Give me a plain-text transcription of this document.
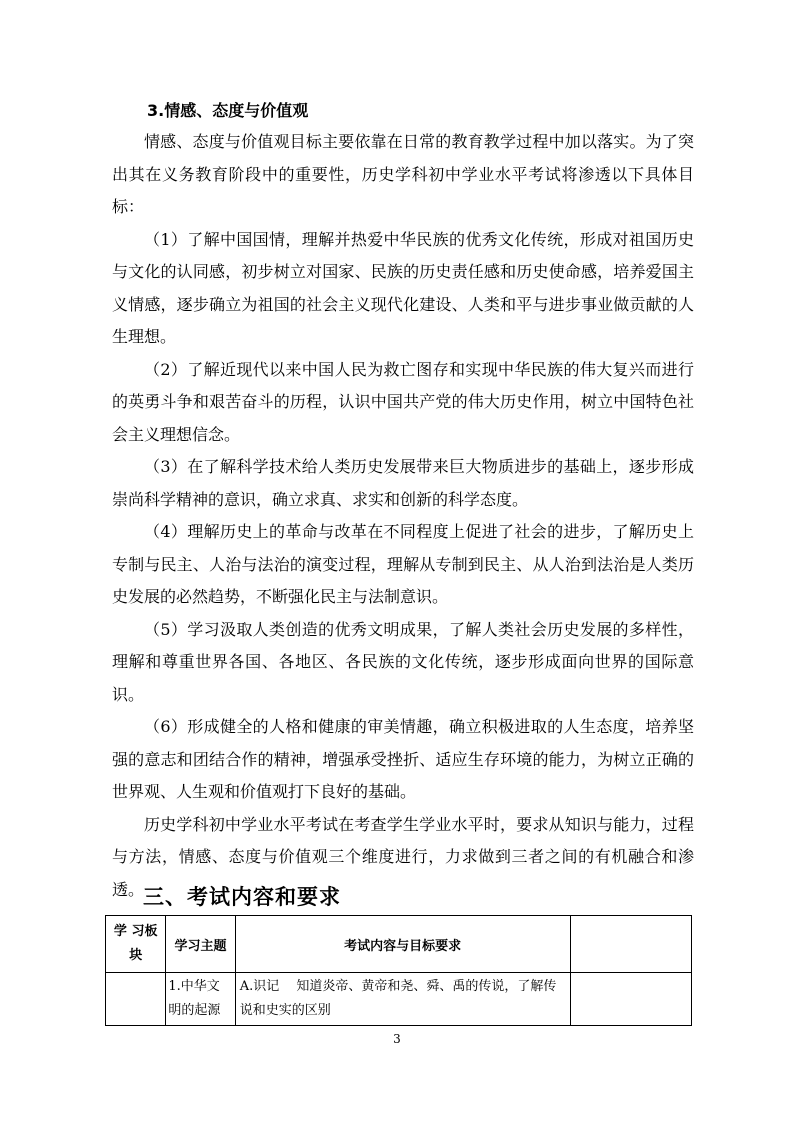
3.情感、态度与价值观

情感、态度与价值观目标主要依靠在日常的教育教学过程中加以落实。为了突出其在义务教育阶段中的重要性，历史学科初中学业水平考试将渗透以下具体目标：

（1）了解中国国情，理解并热爱中华民族的优秀文化传统，形成对祖国历史与文化的认同感，初步树立对国家、民族的历史责任感和历史使命感，培养爱国主义情感，逐步确立为祖国的社会主义现代化建设、人类和平与进步事业做贡献的人生理想。

（2）了解近现代以来中国人民为救亡图存和实现中华民族的伟大复兴而进行的英勇斗争和艰苦奋斗的历程，认识中国共产党的伟大历史作用，树立中国特色社会主义理想信念。

（3）在了解科学技术给人类历史发展带来巨大物质进步的基础上，逐步形成崇尚科学精神的意识，确立求真、求实和创新的科学态度。

（4）理解历史上的革命与改革在不同程度上促进了社会的进步，了解历史上专制与民主、人治与法治的演变过程，理解从专制到民主、从人治到法治是人类历史发展的必然趋势，不断强化民主与法制意识。

（5）学习汲取人类创造的优秀文明成果，了解人类社会历史发展的多样性，理解和尊重世界各国、各地区、各民族的文化传统，逐步形成面向世界的国际意识。

（6）形成健全的人格和健康的审美情趣，确立积极进取的人生态度，培养坚强的意志和团结合作的精神，增强承受挫折、适应生存环境的能力，为树立正确的世界观、人生观和价值观打下良好的基础。

历史学科初中学业水平考试在考查学生学业水平时，要求从知识与能力，过程与方法，情感、态度与价值观三个维度进行，力求做到三者之间的有机融合和渗透。

三、考试内容和要求
学 习板 块	学习主题	考试内容与目标要求	
	1.中华文明的起源	A.识记　 知道炎帝、黄帝和尧、舜、禹的传说，了解传说和史实的区别	
3
